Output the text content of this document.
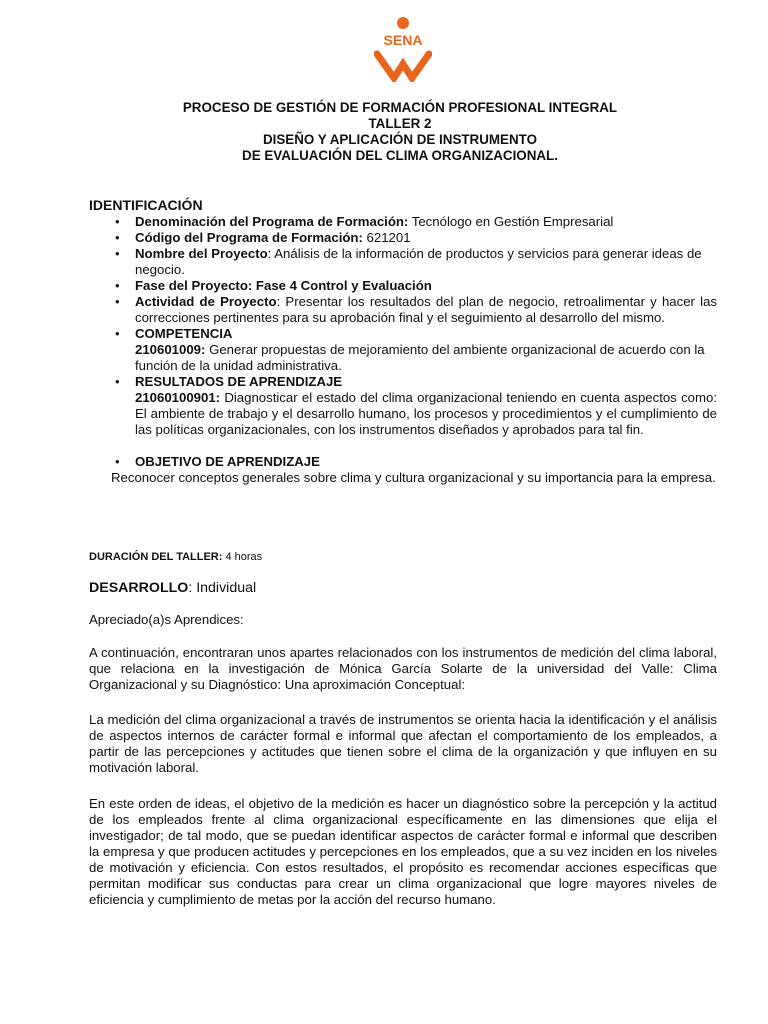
SENA
PROCESO DE GESTIÓN DE FORMACIÓN PROFESIONAL INTEGRAL
TALLER 2
DISEÑO Y APLICACIÓN DE INSTRUMENTO
DE EVALUACIÓN DEL CLIMA ORGANIZACIONAL.
IDENTIFICACIÓN
• Denominación del Programa de Formación: Tecnólogo en Gestión Empresarial
• Código del Programa de Formación: 621201
• Nombre del Proyecto: Análisis de la información de productos y servicios para generar ideas de negocio.
• Fase del Proyecto: Fase 4 Control y Evaluación
• Actividad de Proyecto: Presentar los resultados del plan de negocio, retroalimentar y hacer las correcciones pertinentes para su aprobación final y el seguimiento al desarrollo del mismo.
• COMPETENCIA
210601009: Generar propuestas de mejoramiento del ambiente organizacional de acuerdo con la función de la unidad administrativa.
• RESULTADOS DE APRENDIZAJE
21060100901: Diagnosticar el estado del clima organizacional teniendo en cuenta aspectos como: El ambiente de trabajo y el desarrollo humano, los procesos y procedimientos y el cumplimiento de las políticas organizacionales, con los instrumentos diseñados y aprobados para tal fin.
• OBJETIVO DE APRENDIZAJE

Reconocer conceptos generales sobre clima y cultura organizacional y su importancia para la empresa.
DURACIÓN DEL TALLER: 4 horas
DESARROLLO: Individual
Apreciado(a)s Aprendices:
A continuación, encontraran unos apartes relacionados con los instrumentos de medición del clima laboral, que relaciona en la investigación de Mónica García Solarte de la universidad del Valle: Clima Organizacional y su Diagnóstico: Una aproximación Conceptual:
La medición del clima organizacional a través de instrumentos se orienta hacia la identificación y el análisis de aspectos internos de carácter formal e informal que afectan el comportamiento de los empleados, a partir de las percepciones y actitudes que tienen sobre el clima de la organización y que influyen en su motivación laboral.
En este orden de ideas, el objetivo de la medición es hacer un diagnóstico sobre la percepción y la actitud de los empleados frente al clima organizacional específicamente en las dimensiones que elija el investigador; de tal modo, que se puedan identificar aspectos de carácter formal e informal que describen la empresa y que producen actitudes y percepciones en los empleados, que a su vez inciden en los niveles de motivación y eficiencia. Con estos resultados, el propósito es recomendar acciones específicas que permitan modificar sus conductas para crear un clima organizacional que logre mayores niveles de eficiencia y cumplimiento de metas por la acción del recurso humano.
